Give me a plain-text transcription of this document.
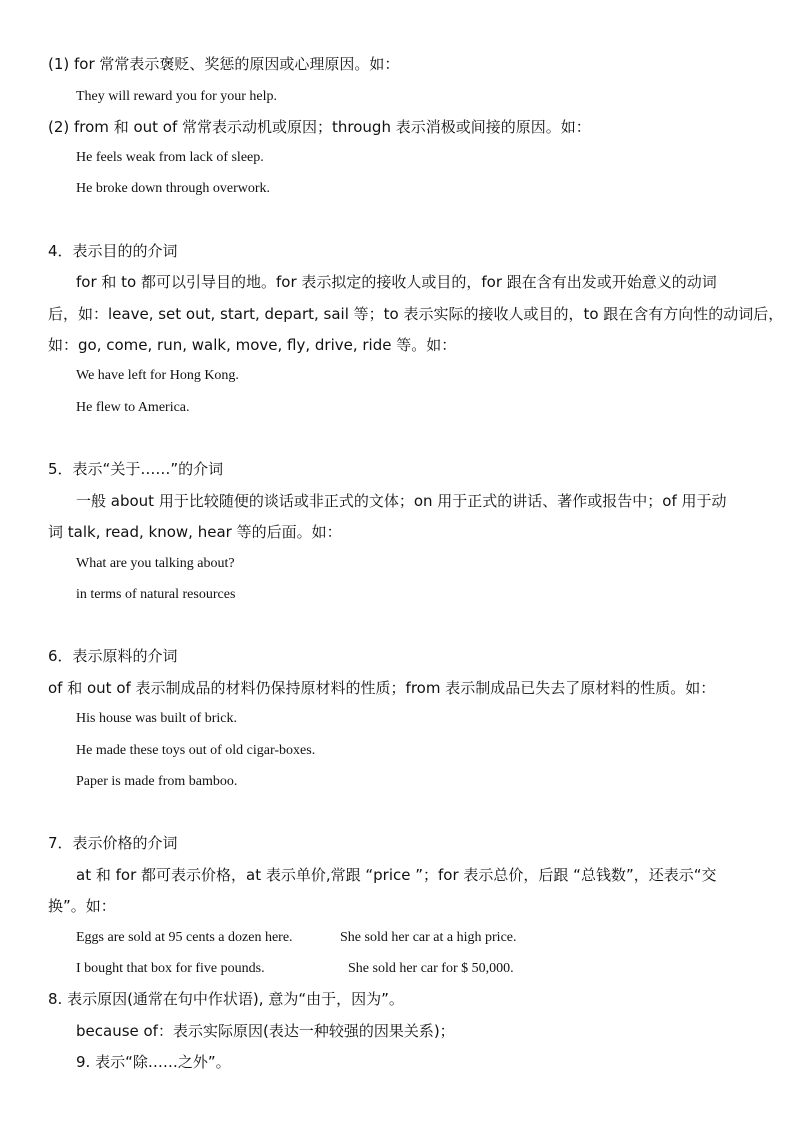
(1) for 常常表示褒贬、奖惩的原因或心理原因。如：
They will reward you for your help.
(2) from 和 out of 常常表示动机或原因；through 表示消极或间接的原因。如：
He feels weak from lack of sleep.
He broke down through overwork.
4．表示目的的介词
for 和 to 都可以引导目的地。for 表示拟定的接收人或目的，for 跟在含有出发或开始意义的动词
后，如：leave, set out, start, depart, sail 等；to 表示实际的接收人或目的，to 跟在含有方向性的动词后，
如：go, come, run, walk, move, fly, drive, ride 等。如：
We have left for Hong Kong.
He flew to America.
5．表示“关于……”的介词
一般 about 用于比较随便的谈话或非正式的文体；on 用于正式的讲话、著作或报告中；of 用于动
词 talk, read, know, hear 等的后面。如：
What are you talking about?
in terms of natural resources
6．表示原料的介词
of 和 out of 表示制成品的材料仍保持原材料的性质；from 表示制成品已失去了原材料的性质。如：
His house was built of brick.
He made these toys out of old cigar-boxes.
Paper is made from bamboo.
7．表示价格的介词
at 和 for 都可表示价格，at 表示单价,常跟 “price ”；for 表示总价，后跟 “总钱数”，还表示“交
换”。如：
Eggs are sold at 95 cents a dozen here.	She sold her car at a high price.
I bought that box for five pounds.	She sold her car for $ 50,000.
8. 表示原因(通常在句中作状语), 意为“由于，因为”。
because of：表示实际原因(表达一种较强的因果关系)；
9. 表示“除……之外”。
